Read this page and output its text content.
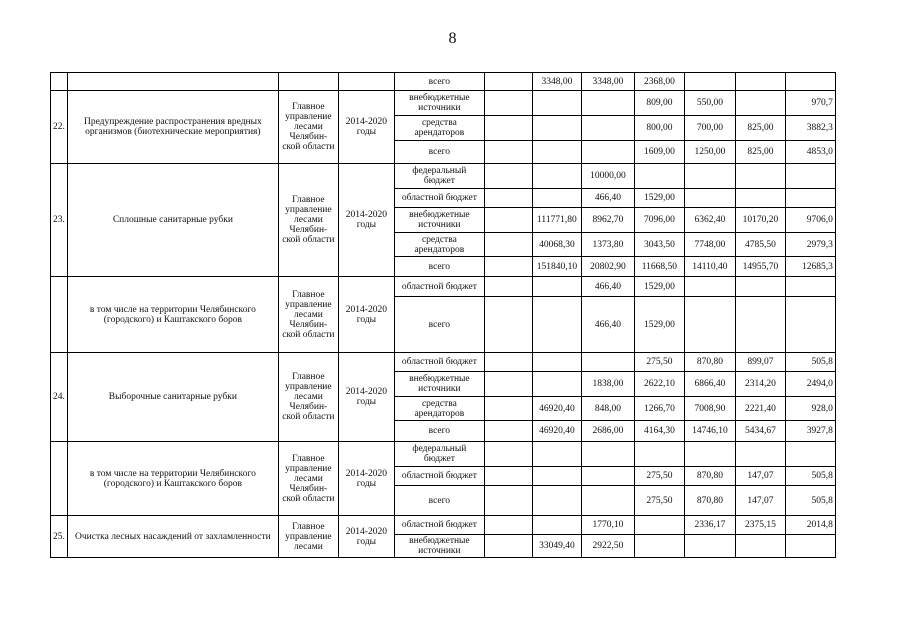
8
				всего		3348,00	3348,00	2368,00			
22.	Предупреждение распространения вредных организмов (биотехнические мероприятия)	Главное управление лесами Челябин-ской области	2014-2020 годы	внебюджетные источники				809,00	550,00		970,7
				средства арендаторов				800,00	700,00	825,00	3882,3
				всего				1609,00	1250,00	825,00	4853,0
23.	Сплошные санитарные рубки	Главное управление лесами Челябин-ской области	2014-2020 годы	федеральный бюджет			10000,00				
				областной бюджет			466,40	1529,00			
				внебюджетные источники		111771,80	8962,70	7096,00	6362,40	10170,20	9706,0
				средства арендаторов		40068,30	1373,80	3043,50	7748,00	4785,50	2979,3
				всего		151840,10	20802,90	11668,50	14110,40	14955,70	12685,3
	в том числе на территории Челябинского (городского) и Каштакского боров	Главное управление лесами Челябин-ской области	2014-2020 годы	областной бюджет			466,40	1529,00			
				всего			466,40	1529,00			
24.	Выборочные санитарные рубки	Главное управление лесами Челябин-ской области	2014-2020 годы	областной бюджет				275,50	870,80	899,07	505,8
				внебюджетные источники			1838,00	2622,10	6866,40	2314,20	2494,0
				средства арендаторов		46920,40	848,00	1266,70	7008,90	2221,40	928,0
				всего		46920,40	2686,00	4164,30	14746,10	5434,67	3927,8
	в том числе на территории Челябинского (городского) и Каштакского боров	Главное управление лесами Челябин-ской области	2014-2020 годы	федеральный бюджет							
				областной бюджет				275,50	870,80	147,07	505,8
				всего				275,50	870,80	147,07	505,8
25.	Очистка лесных насаждений от захламленности	Главное управление лесами	2014-2020 годы	областной бюджет			1770,10		2336,17	2375,15	2014,8
				внебюджетные источники		33049,40	2922,50				
